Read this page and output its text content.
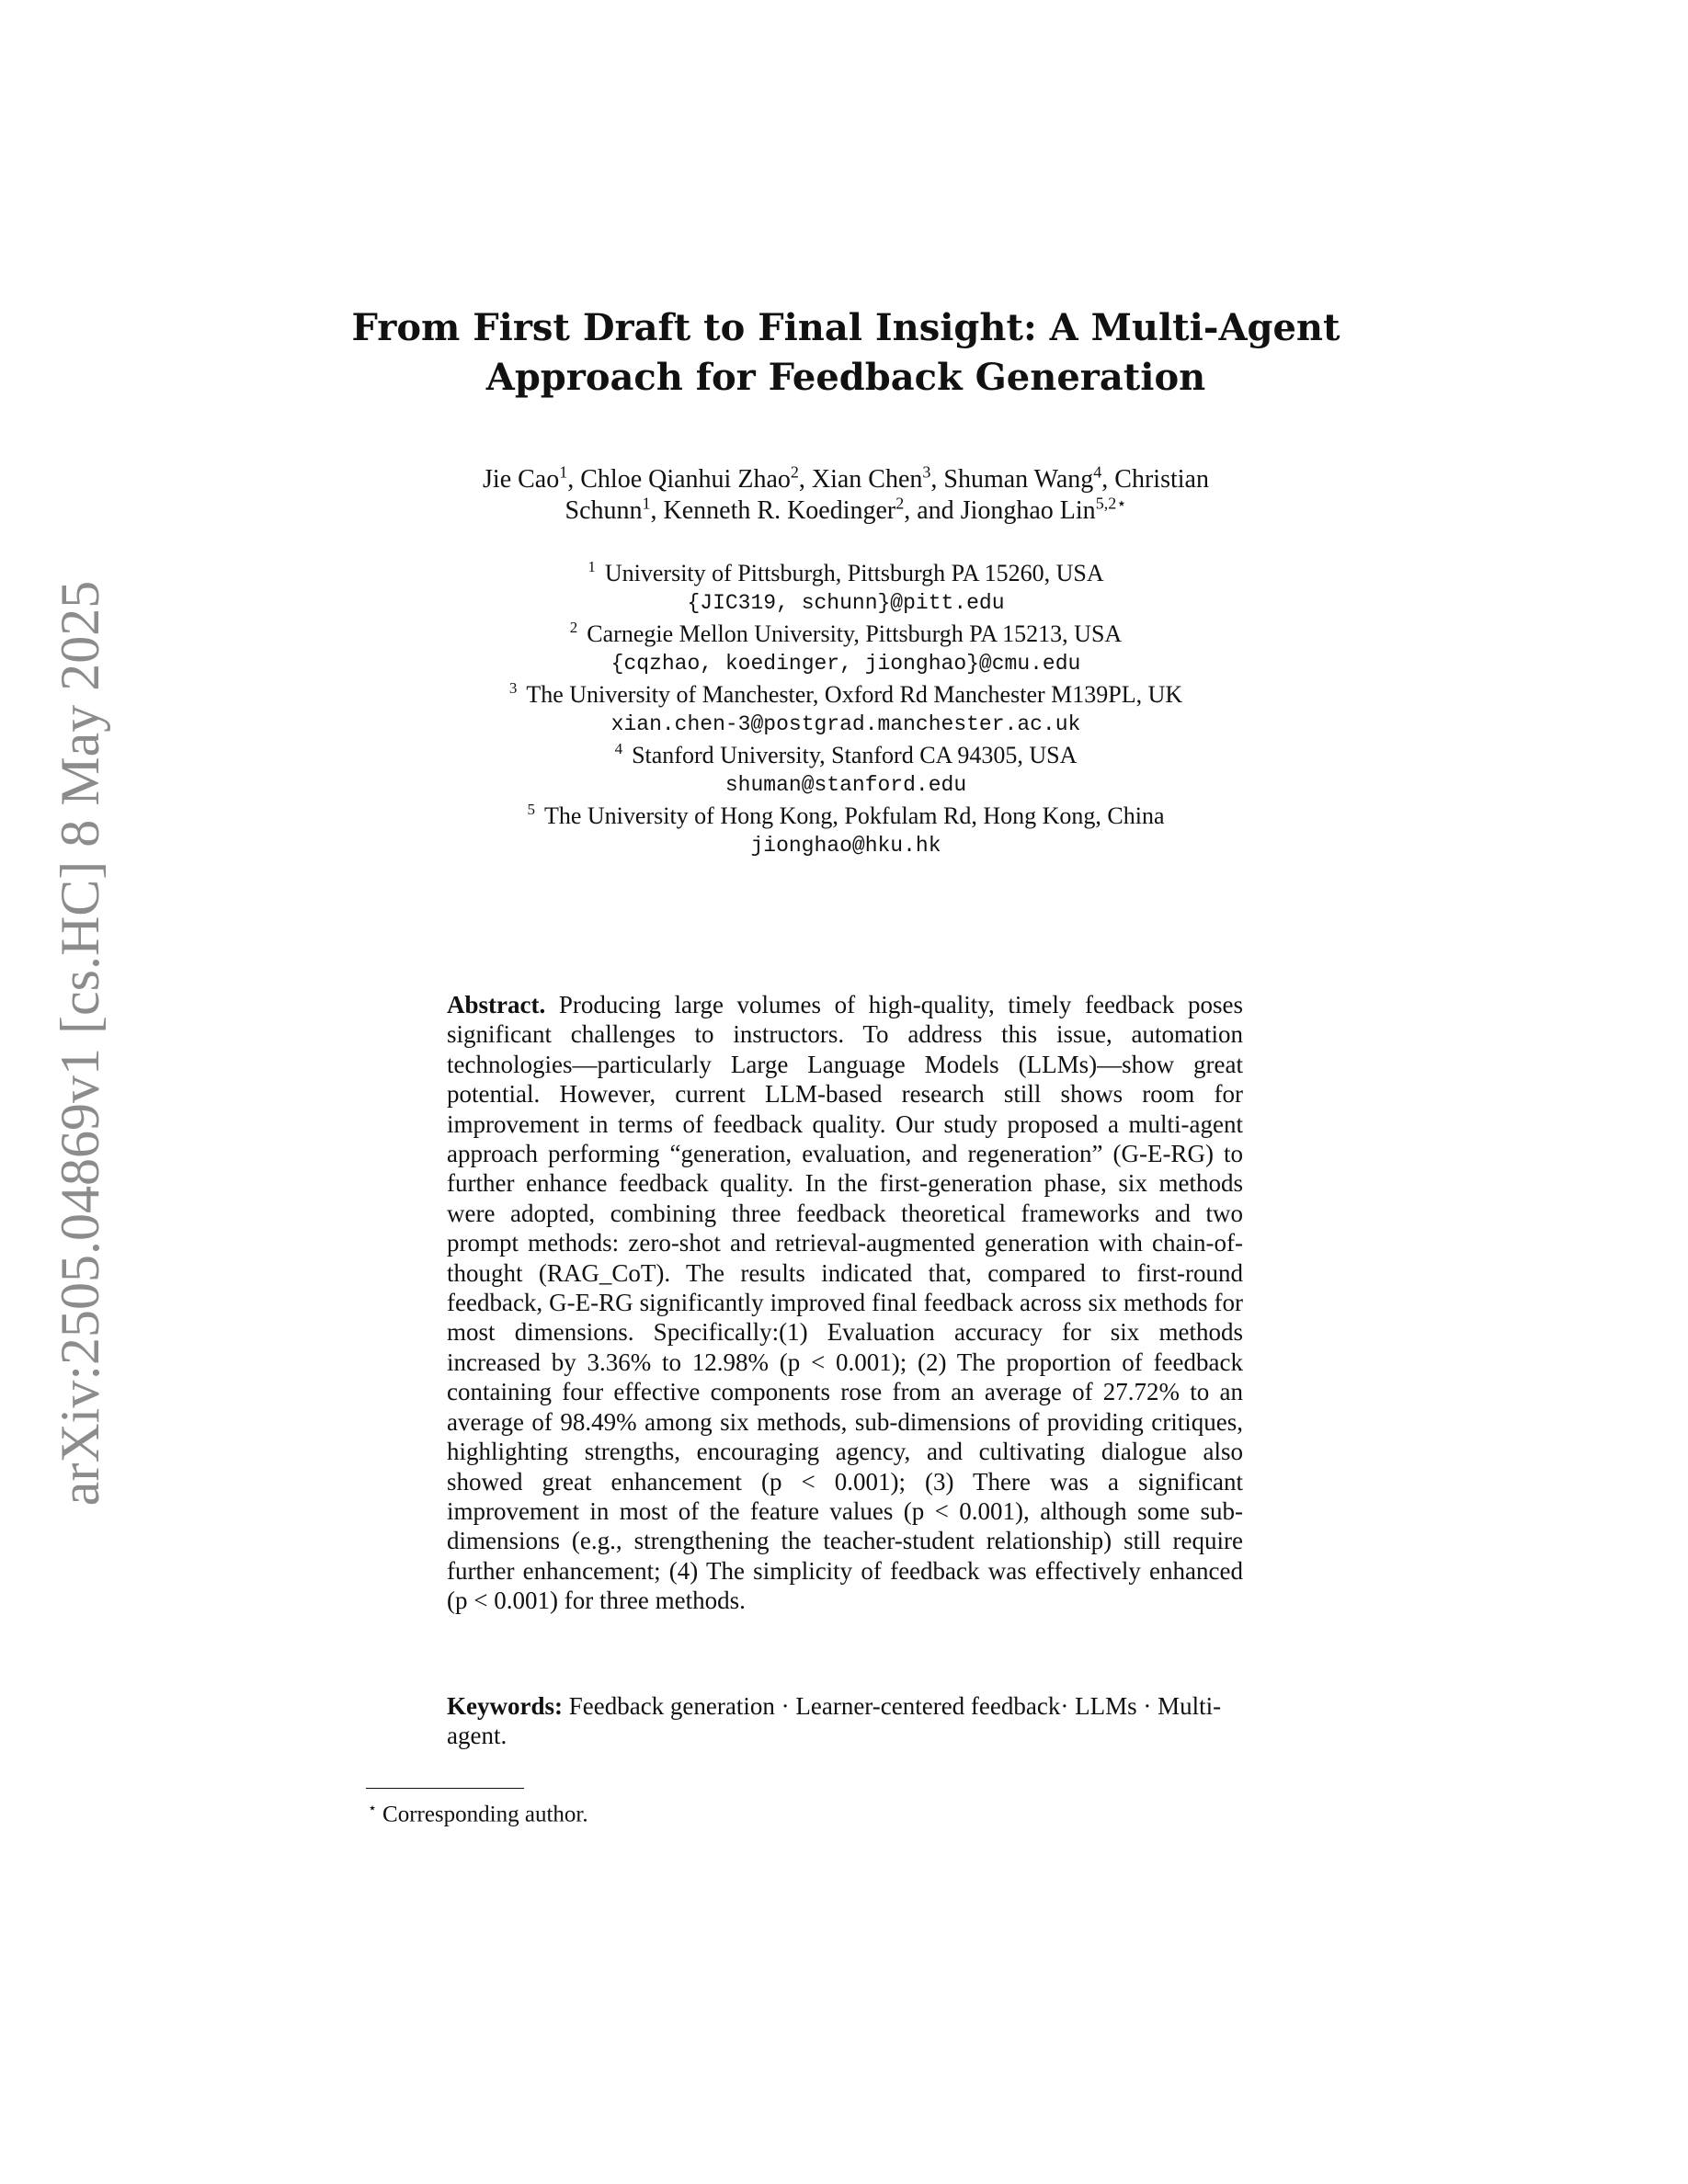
arXiv:2505.04869v1 [cs.HC] 8 May 2025
From First Draft to Final Insight: A Multi-Agent
Approach for Feedback Generation
Jie Cao$^1$, Chloe Qianhui Zhao$^2$, Xian Chen$^3$, Shuman Wang$^4$, Christian
Schunn$^1$, Kenneth R. Koedinger$^2$, and Jionghao Lin$^{5,2⋆}$
$^1$ University of Pittsburgh, Pittsburgh PA 15260, USA
{JIC319, schunn}@pitt.edu
$^2$ Carnegie Mellon University, Pittsburgh PA 15213, USA
{cqzhao, koedinger, jionghao}@cmu.edu
$^3$ The University of Manchester, Oxford Rd Manchester M139PL, UK
xian.chen-3@postgrad.manchester.ac.uk
$^4$ Stanford University, Stanford CA 94305, USA
shuman@stanford.edu
$^5$ The University of Hong Kong, Pokfulam Rd, Hong Kong, China
jionghao@hku.hk
Abstract. Producing large volumes of high-quality, timely feedback poses significant challenges to instructors. To address this issue, automation technologies—particularly Large Language Models (LLMs)—show great potential. However, current LLM-based research still shows room for improvement in terms of feedback quality. Our study proposed a multi-agent approach performing “generation, evaluation, and regeneration” (G-E-RG) to further enhance feedback quality. In the first-generation phase, six methods were adopted, combining three feedback theoretical frameworks and two prompt methods: zero-shot and retrieval-augmented generation with chain-of-thought (RAG_CoT). The results indicated that, compared to first-round feedback, G-E-RG significantly improved final feedback across six methods for most dimensions. Specifically:(1) Evaluation accuracy for six methods increased by 3.36% to 12.98% (p < 0.001); (2) The proportion of feedback containing four effective components rose from an average of 27.72% to an average of 98.49% among six methods, sub-dimensions of providing critiques, highlighting strengths, encouraging agency, and cultivating dialogue also showed great enhancement (p < 0.001); (3) There was a significant improvement in most of the feature values (p < 0.001), although some sub-dimensions (e.g., strengthening the teacher-student relationship) still require further enhancement; (4) The simplicity of feedback was effectively enhanced (p < 0.001) for three methods.
Keywords: Feedback generation · Learner-centered feedback· LLMs · Multi-agent.
⋆ Corresponding author.
